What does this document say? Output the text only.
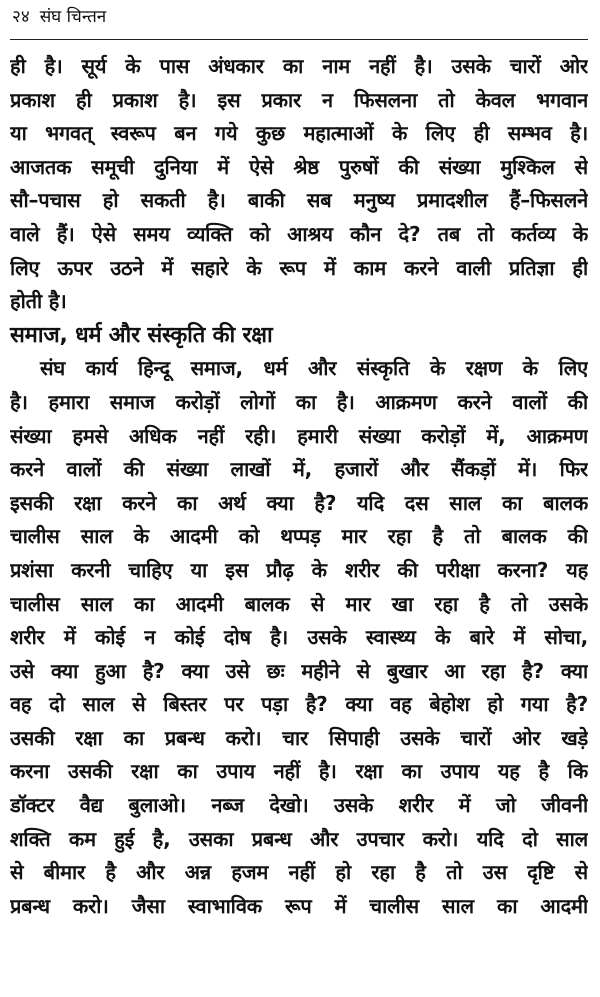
२४ संघ चिन्तन
ही है। सूर्य के पास अंधकार का नाम नहीं है। उसके चारों ओर
प्रकाश ही प्रकाश है। इस प्रकार न फिसलना तो केवल भगवान
या भगवत् स्वरूप बन गये कुछ महात्माओं के लिए ही सम्भव है।
आजतक समूची दुनिया में ऐसे श्रेष्ठ पुरुषों की संख्या मुश्किल से
सौ–पचास हो सकती है। बाकी सब मनुष्य प्रमादशील हैं–फिसलने
वाले हैं। ऐसे समय व्यक्ति को आश्रय कौन दे? तब तो कर्तव्य के
लिए ऊपर उठने में सहारे के रूप में काम करने वाली प्रतिज्ञा ही
होती है।
समाज, धर्म और संस्कृति की रक्षा
संघ कार्य हिन्दू समाज, धर्म और संस्कृति के रक्षण के लिए
है। हमारा समाज करोड़ों लोगों का है। आक्रमण करने वालों की
संख्या हमसे अधिक नहीं रही। हमारी संख्या करोड़ों में, आक्रमण
करने वालों की संख्या लाखों में, हजारों और सैंकड़ों में। फिर
इसकी रक्षा करने का अर्थ क्या है? यदि दस साल का बालक
चालीस साल के आदमी को थप्पड़ मार रहा है तो बालक की
प्रशंसा करनी चाहिए या इस प्रौढ़ के शरीर की परीक्षा करना? यह
चालीस साल का आदमी बालक से मार खा रहा है तो उसके
शरीर में कोई न कोई दोष है। उसके स्वास्थ्य के बारे में सोचा,
उसे क्या हुआ है? क्या उसे छः महीने से बुखार आ रहा है? क्या
वह दो साल से बिस्तर पर पड़ा है? क्या वह बेहोश हो गया है?
उसकी रक्षा का प्रबन्ध करो। चार सिपाही उसके चारों ओर खड़े
करना उसकी रक्षा का उपाय नहीं है। रक्षा का उपाय यह है कि
डॉक्टर वैद्य बुलाओ। नब्ज देखो। उसके शरीर में जो जीवनी
शक्ति कम हुई है, उसका प्रबन्ध और उपचार करो। यदि दो साल
से बीमार है और अन्न हजम नहीं हो रहा है तो उस दृष्टि से
प्रबन्ध करो। जैसा स्वाभाविक रूप में चालीस साल का आदमी
